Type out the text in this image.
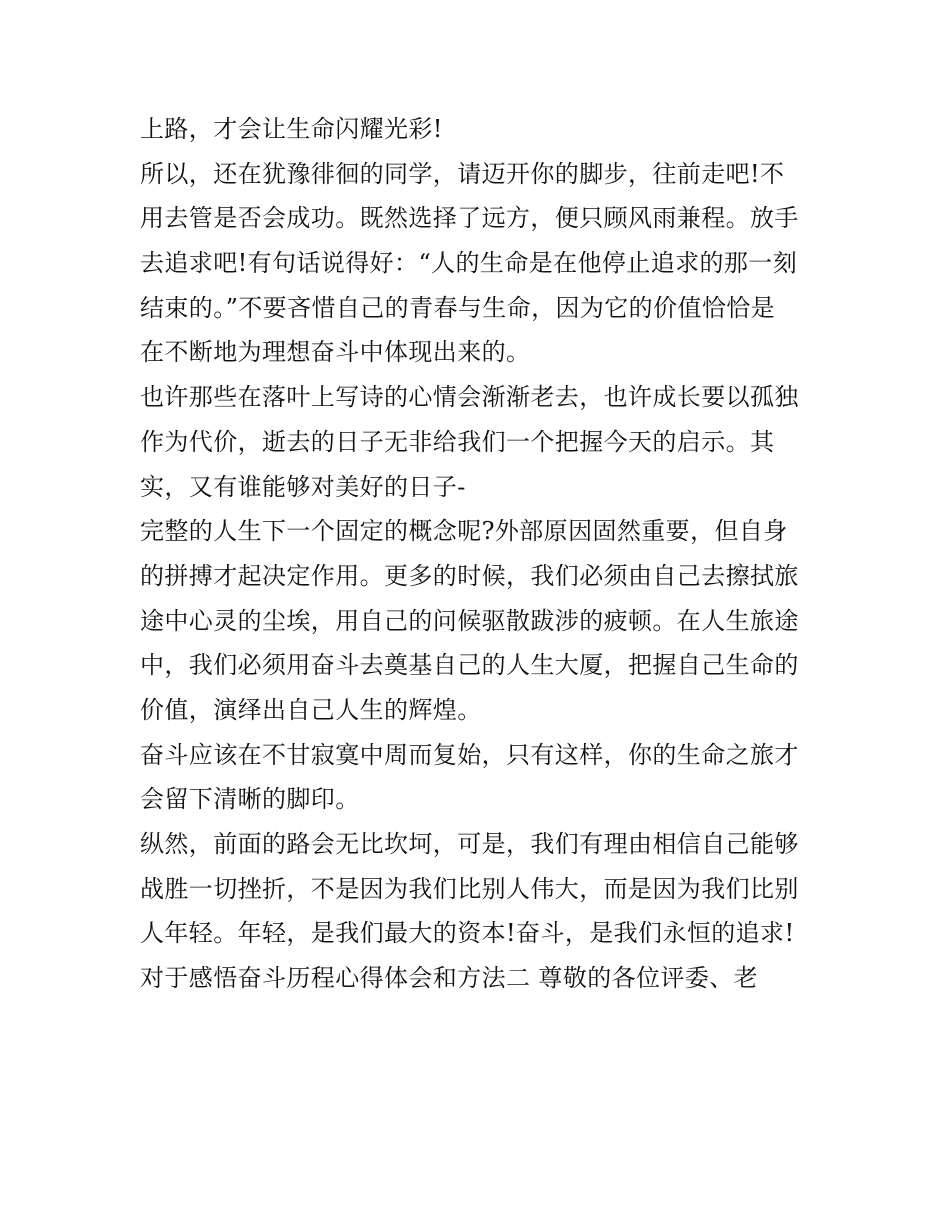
上路，才会让生命闪耀光彩!
所以，还在犹豫徘徊的同学，请迈开你的脚步，往前走吧!不
用去管是否会成功。既然选择了远方，便只顾风雨兼程。放手
去追求吧!有句话说得好：“人的生命是在他停止追求的那一刻
结束的。”不要吝惜自己的青春与生命，因为它的价值恰恰是
在不断地为理想奋斗中体现出来的。
也许那些在落叶上写诗的心情会渐渐老去，也许成长要以孤独
作为代价，逝去的日子无非给我们一个把握今天的启示。其
实，又有谁能够对美好的日子-
完整的人生下一个固定的概念呢?外部原因固然重要，但自身
的拼搏才起决定作用。更多的时候，我们必须由自己去擦拭旅
途中心灵的尘埃，用自己的问候驱散跋涉的疲顿。在人生旅途
中，我们必须用奋斗去奠基自己的人生大厦，把握自己生命的
价值，演绎出自己人生的辉煌。
奋斗应该在不甘寂寞中周而复始，只有这样，你的生命之旅才
会留下清晰的脚印。
纵然，前面的路会无比坎坷，可是，我们有理由相信自己能够
战胜一切挫折，不是因为我们比别人伟大，而是因为我们比别
人年轻。年轻，是我们最大的资本!奋斗，是我们永恒的追求!
对于感悟奋斗历程心得体会和方法二 尊敬的各位评委、老
